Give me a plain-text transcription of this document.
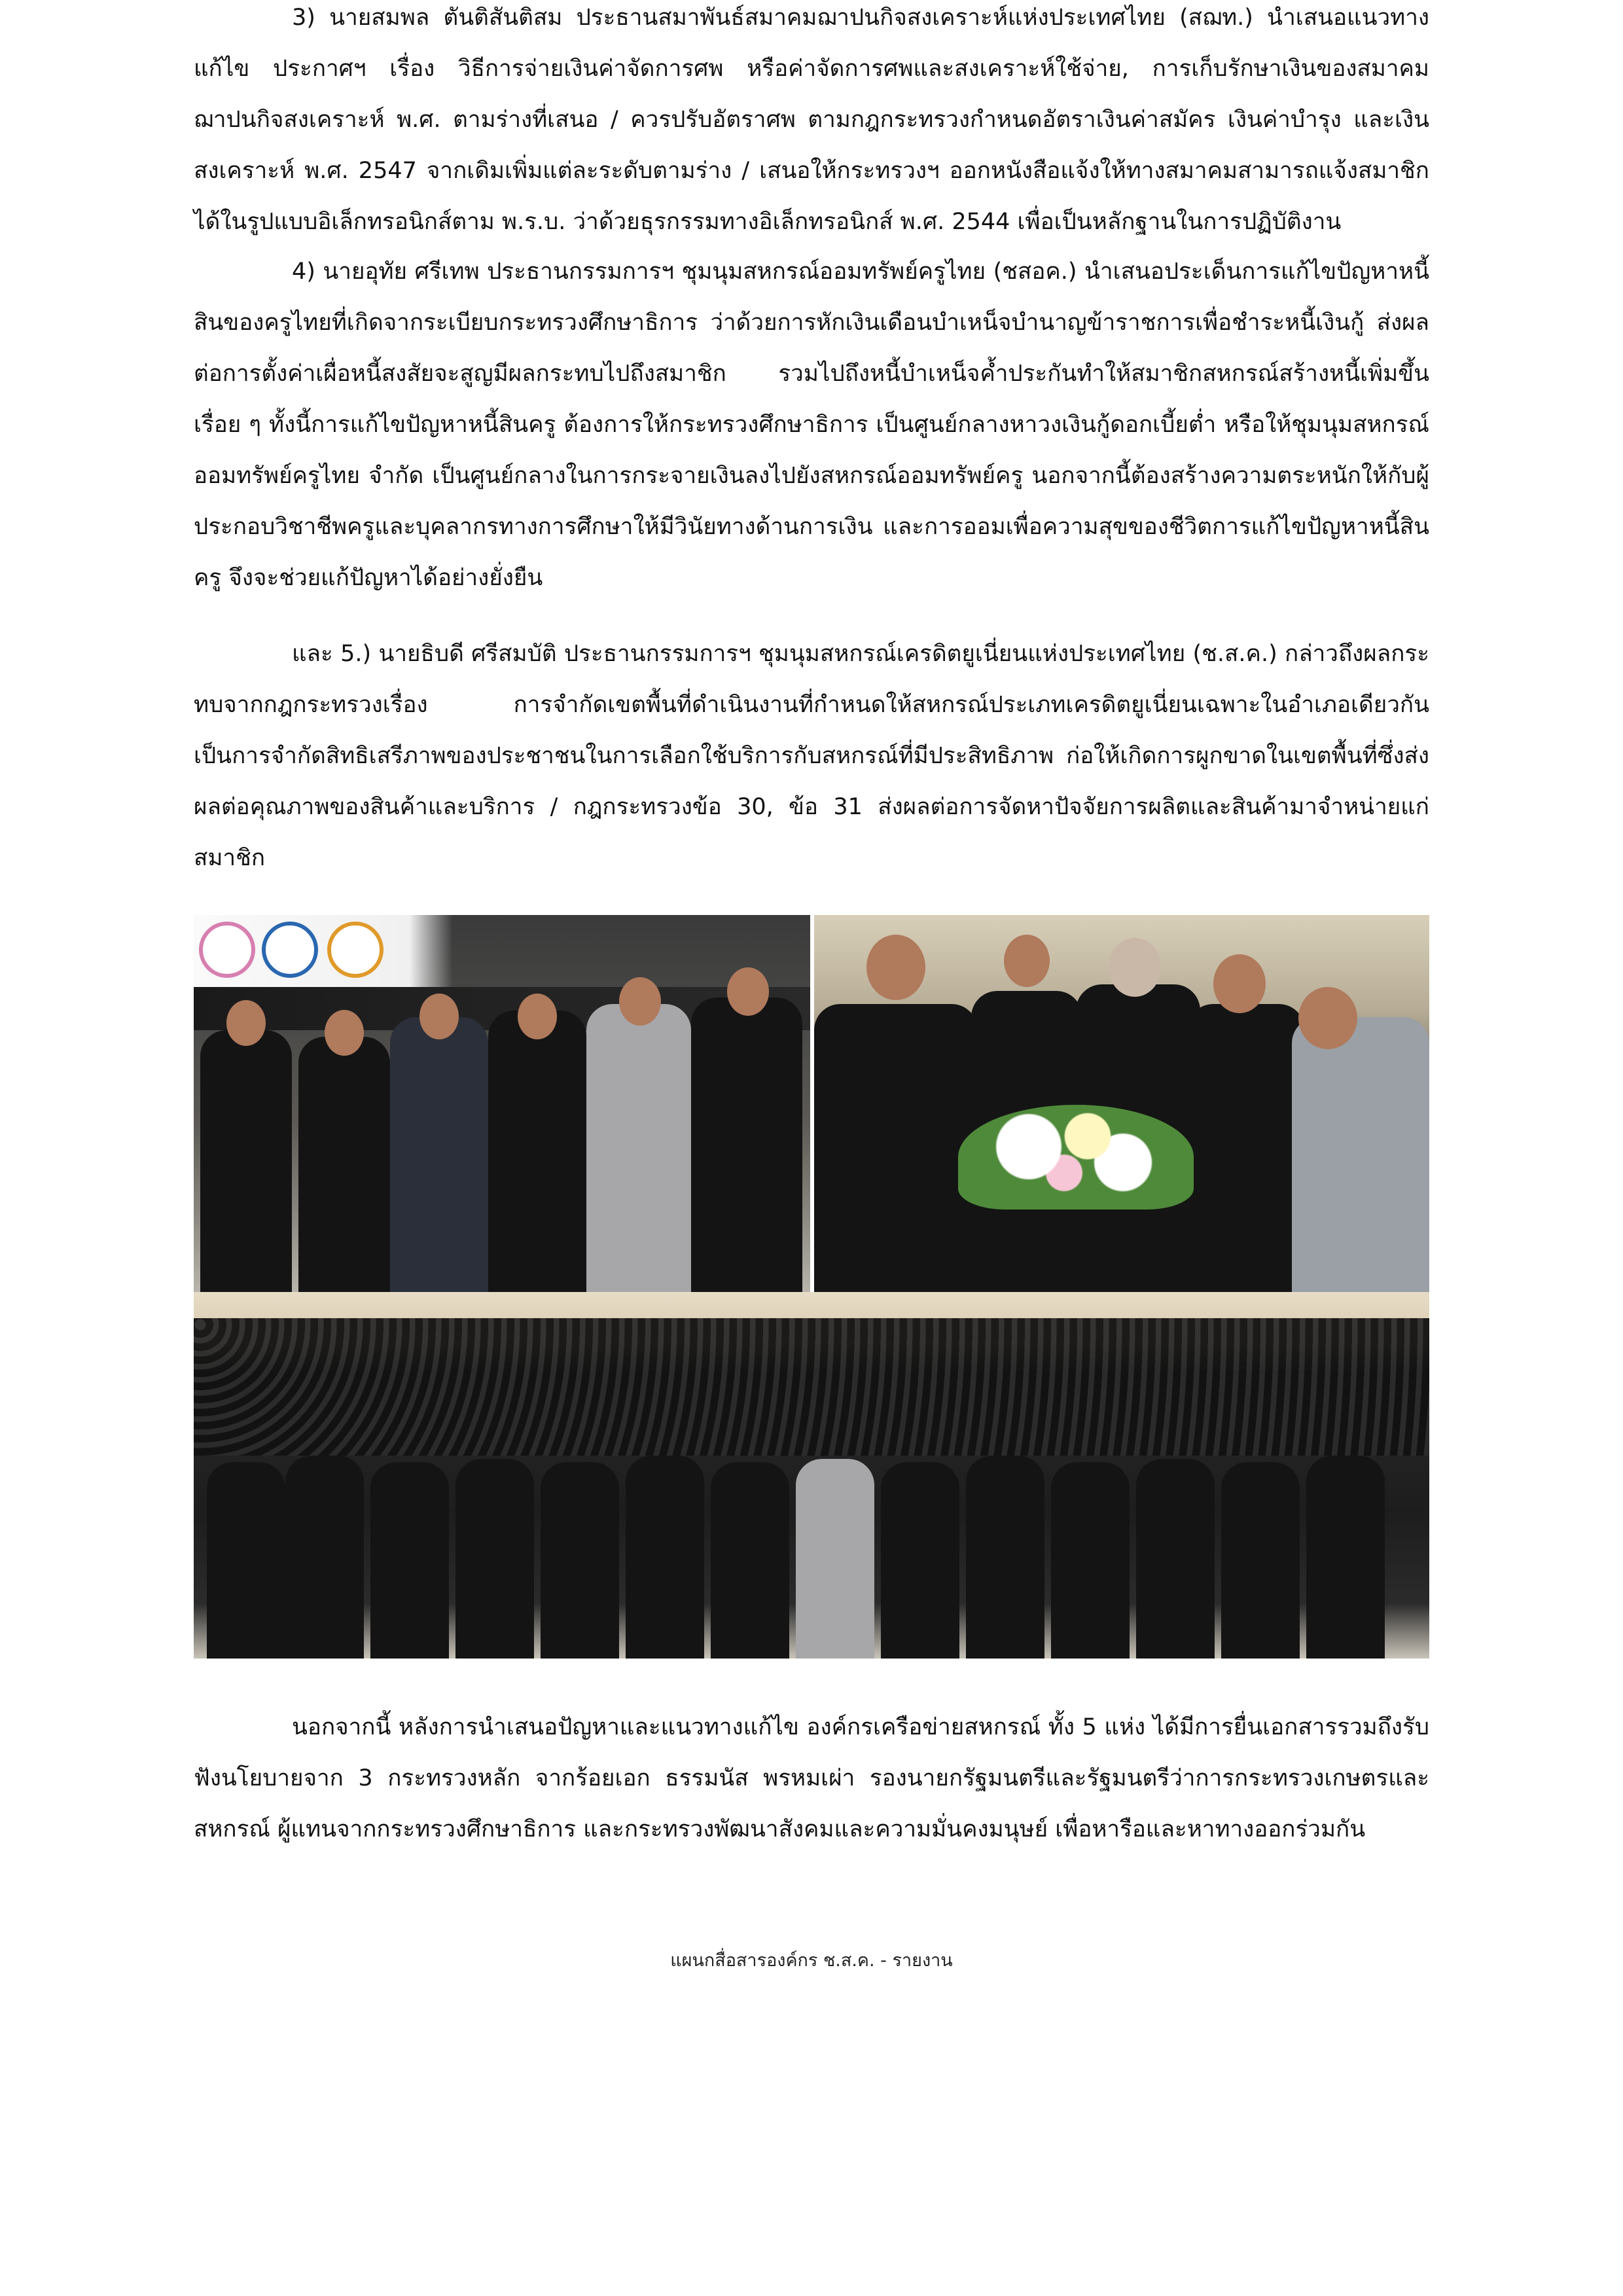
3) นายสมพล ตันติสันติสม ประธานสมาพันธ์สมาคมฌาปนกิจสงเคราะห์แห่งประเทศไทย (สฌท.) นำเสนอแนวทางแก้ไข ประกาศฯ เรื่อง วิธีการจ่ายเงินค่าจัดการศพ หรือค่าจัดการศพและสงเคราะห์ใช้จ่าย, การเก็บรักษาเงินของสมาคมฌาปนกิจสงเคราะห์ พ.ศ. ตามร่างที่เสนอ / ควรปรับอัตราศพ ตามกฎกระทรวงกำหนดอัตราเงินค่าสมัคร เงินค่าบำรุง และเงินสงเคราะห์ พ.ศ. 2547 จากเดิมเพิ่มแต่ละระดับตามร่าง / เสนอให้กระทรวงฯ ออกหนังสือแจ้งให้ทางสมาคมสามารถแจ้งสมาชิกได้ในรูปแบบอิเล็กทรอนิกส์ตาม พ.ร.บ. ว่าด้วยธุรกรรมทางอิเล็กทรอนิกส์ พ.ศ. 2544 เพื่อเป็นหลักฐานในการปฏิบัติงาน

4) นายอุทัย ศรีเทพ ประธานกรรมการฯ ชุมนุมสหกรณ์ออมทรัพย์ครูไทย (ชสอค.) นำเสนอประเด็นการแก้ไขปัญหาหนี้สินของครูไทยที่เกิดจากระเบียบกระทรวงศึกษาธิการ ว่าด้วยการหักเงินเดือนบำเหน็จบำนาญข้าราชการเพื่อชำระหนี้เงินกู้ ส่งผลต่อการตั้งค่าเผื่อหนี้สงสัยจะสูญมีผลกระทบไปถึงสมาชิก รวมไปถึงหนี้บำเหน็จค้ำประกันทำให้สมาชิกสหกรณ์สร้างหนี้เพิ่มขึ้นเรื่อย ๆ ทั้งนี้การแก้ไขปัญหาหนี้สินครู ต้องการให้กระทรวงศึกษาธิการ เป็นศูนย์กลางหาวงเงินกู้ดอกเบี้ยต่ำ หรือให้ชุมนุมสหกรณ์ออมทรัพย์ครูไทย จำกัด เป็นศูนย์กลางในการกระจายเงินลงไปยังสหกรณ์ออมทรัพย์ครู นอกจากนี้ต้องสร้างความตระหนักให้กับผู้ประกอบวิชาชีพครูและบุคลากรทางการศึกษาให้มีวินัยทางด้านการเงิน และการออมเพื่อความสุขของชีวิตการแก้ไขปัญหาหนี้สินครู จึงจะช่วยแก้ปัญหาได้อย่างยั่งยืน

และ 5.) นายธิบดี ศรีสมบัติ ประธานกรรมการฯ ชุมนุมสหกรณ์เครดิตยูเนี่ยนแห่งประเทศไทย (ช.ส.ค.) กล่าวถึงผลกระทบจากกฎกระทรวงเรื่อง การจำกัดเขตพื้นที่ดำเนินงานที่กำหนดให้สหกรณ์ประเภทเครดิตยูเนี่ยนเฉพาะในอำเภอเดียวกัน เป็นการจำกัดสิทธิเสรีภาพของประชาชนในการเลือกใช้บริการกับสหกรณ์ที่มีประสิทธิภาพ ก่อให้เกิดการผูกขาดในเขตพื้นที่ซึ่งส่งผลต่อคุณภาพของสินค้าและบริการ / กฎกระทรวงข้อ 30, ข้อ 31 ส่งผลต่อการจัดหาปัจจัยการผลิตและสินค้ามาจำหน่ายแก่สมาชิก

นอกจากนี้ หลังการนำเสนอปัญหาและแนวทางแก้ไข องค์กรเครือข่ายสหกรณ์ ทั้ง 5 แห่ง ได้มีการยื่นเอกสารรวมถึงรับฟังนโยบายจาก 3 กระทรวงหลัก จากร้อยเอก ธรรมนัส พรหมเผ่า รองนายกรัฐมนตรีและรัฐมนตรีว่าการกระทรวงเกษตรและสหกรณ์ ผู้แทนจากกระทรวงศึกษาธิการ และกระทรวงพัฒนาสังคมและความมั่นคงมนุษย์ เพื่อหารือและหาทางออกร่วมกัน

แผนกสื่อสารองค์กร ช.ส.ค. - รายงาน
